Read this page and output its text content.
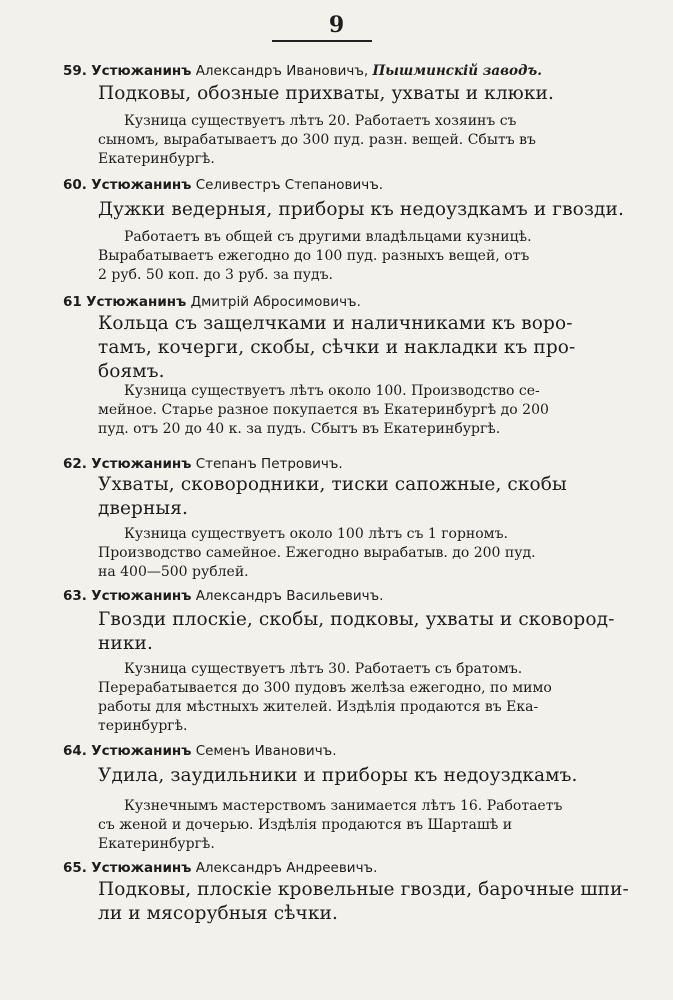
9
59. Устюжанинъ Александръ Ивановичъ, Пышминскій заводъ.
Подковы, обозные прихваты, ухваты и клюки.
Кузница существуетъ лѣтъ 20. Работаетъ хозяинъ съ
сыномъ, вырабатываетъ до 300 пуд. разн. вещей. Сбытъ въ
Екатеринбургѣ.
60. Устюжанинъ Селивестръ Степановичъ.
Дужки ведерныя, приборы къ недоуздкамъ и гвозди.
Работаетъ въ общей съ другими владѣльцами кузницѣ.
Вырабатываетъ ежегодно до 100 пуд. разныхъ вещей, отъ
2 руб. 50 коп. до 3 руб. за пудъ.
61 Устюжанинъ Дмитрій Абросимовичъ.
Кольца съ защелчками и наличниками къ воро-
тамъ, кочерги, скобы, сѣчки и накладки къ про-
боямъ.
Кузница существуетъ лѣтъ около 100. Производство се-
мейное. Старье разное покупается въ Екатеринбургѣ до 200
пуд. отъ 20 до 40 к. за пудъ. Сбытъ въ Екатеринбургѣ.
62. Устюжанинъ Степанъ Петровичъ.
Ухваты, сковородники, тиски сапожные, скобы
дверныя.
Кузница существуетъ около 100 лѣтъ съ 1 горномъ.
Производство самейное. Ежегодно вырабатыв. до 200 пуд.
на 400—500 рублей.
63. Устюжанинъ Александръ Васильевичъ.
Гвозди плоскіе, скобы, подковы, ухваты и сковород-
ники.
Кузница существуетъ лѣтъ 30. Работаетъ съ братомъ.
Перерабатывается до 300 пудовъ желѣза ежегодно, по мимо
работы для мѣстныхъ жителей. Издѣлія продаются въ Ека-
теринбургѣ.
64. Устюжанинъ Семенъ Ивановичъ.
Удила, заудильники и приборы къ недоуздкамъ.
Кузнечнымъ мастерствомъ занимается лѣтъ 16. Работаетъ
съ женой и дочерью. Издѣлія продаются въ Шарташѣ и
Екатеринбургѣ.
65. Устюжанинъ Александръ Андреевичъ.
Подковы, плоскіе кровельные гвозди, барочные шпи-
ли и мясорубныя сѣчки.
